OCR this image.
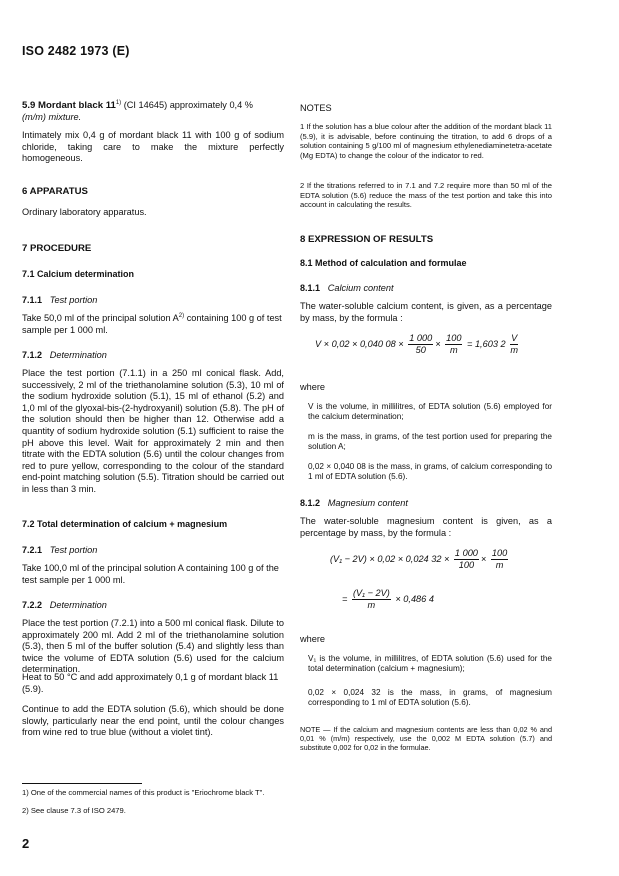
ISO 2482 1973 (E)
5.9 Mordant black 11$^{1)}$ (CI 14645) approximately 0,4 %
(m/m) mixture.
Intimately mix 0,4 g of mordant black 11 with 100 g of sodium chloride, taking care to make the mixture perfectly homogeneous.
6 APPARATUS
Ordinary laboratory apparatus.
7 PROCEDURE
7.1 Calcium determination
7.1.1 Test portion
Take 50,0 ml of the principal solution $A^{2)}$ containing 100 g of test sample per 1 000 ml.
7.1.2 Determination
Place the test portion (7.1.1) in a 250 ml conical flask. Add, successively, 2 ml of the triethanolamine solution (5.3), 10 ml of the sodium hydroxide solution (5.1), 15 ml of ethanol (5.2) and 1,0 ml of the glyoxal-bis-(2-hydroxyanil) solution (5.8). The pH of the solution should then be higher than 12. Otherwise add a quantity of sodium hydroxide solution (5.1) sufficient to raise the pH above this level. Wait for approximately 2 min and then titrate with the EDTA solution (5.6) until the colour changes from red to pure yellow, corresponding to the colour of the standard end-point matching solution (5.5). Titration should be carried out in less than 3 min.
7.2 Total determination of calcium + magnesium
7.2.1 Test portion
Take 100,0 ml of the principal solution A containing 100 g of the test sample per 1 000 ml.
7.2.2 Determination
Place the test portion (7.2.1) into a 500 ml conical flask. Dilute to approximately 200 ml. Add 2 ml of the triethanolamine solution (5.3), then 5 ml of the buffer solution (5.4) and slightly less than twice the volume of EDTA solution (5.6) used for the calcium determination.
Heat to 50 °C and add approximately 0,1 g of mordant black 11 (5.9).
Continue to add the EDTA solution (5.6), which should be done slowly, particularly near the end point, until the colour changes from wine red to true blue (without a violet tint).
NOTES
1 If the solution has a blue colour after the addition of the mordant black 11 (5.9), it is advisable, before continuing the titration, to add 6 drops of a solution containing 5 g/100 ml of magnesium ethylenediaminetetra-acetate (Mg EDTA) to change the colour of the indicator to red.
2 If the titrations referred to in 7.1 and 7.2 require more than 50 ml of the EDTA solution (5.6) reduce the mass of the test portion and take this into account in calculating the results.
8 EXPRESSION OF RESULTS
8.1 Method of calculation and formulae
8.1.1 Calcium content
The water-soluble calcium content, is given, as a percentage by mass, by the formula :
V × 0,02 × 0,040 $08 \times \frac{1 000}{50} \times \frac{100}{m} = 1,603$ $2 \frac{V}{m}$
where
V is the volume, in millilitres, of EDTA solution (5.6) employed for the calcium determination;
m is the mass, in grams, of the test portion used for preparing the solution A;
0,02 × 0,040 08 is the mass, in grams, of calcium corresponding to 1 ml of EDTA solution (5.6).
8.1.2 Magnesium content
The water-soluble magnesium content is given, as a percentage by mass, by the formula :
(V₁ − 2V) × 0,02 × 0,024 $32 \times \frac{1 000}{100} \times \frac{100}{m}$
= $\frac{\text{(V₁ − 2V)}}{m} \times 0,486$ 4
where
V₁ is the volume, in millilitres, of EDTA solution (5.6) used for the total determination (calcium + magnesium);
0,02 × 0,024 32 is the mass, in grams, of magnesium corresponding to 1 ml of EDTA solution (5.6).
NOTE — If the calcium and magnesium contents are less than 0,02 % and 0,01 % (m/m) respectively, use the 0,002 M EDTA solution (5.7) and substitute 0,002 for 0,02 in the formulae.
1) One of the commercial names of this product is "Eriochrome black T".
2) See clause 7.3 of ISO 2479.
2
